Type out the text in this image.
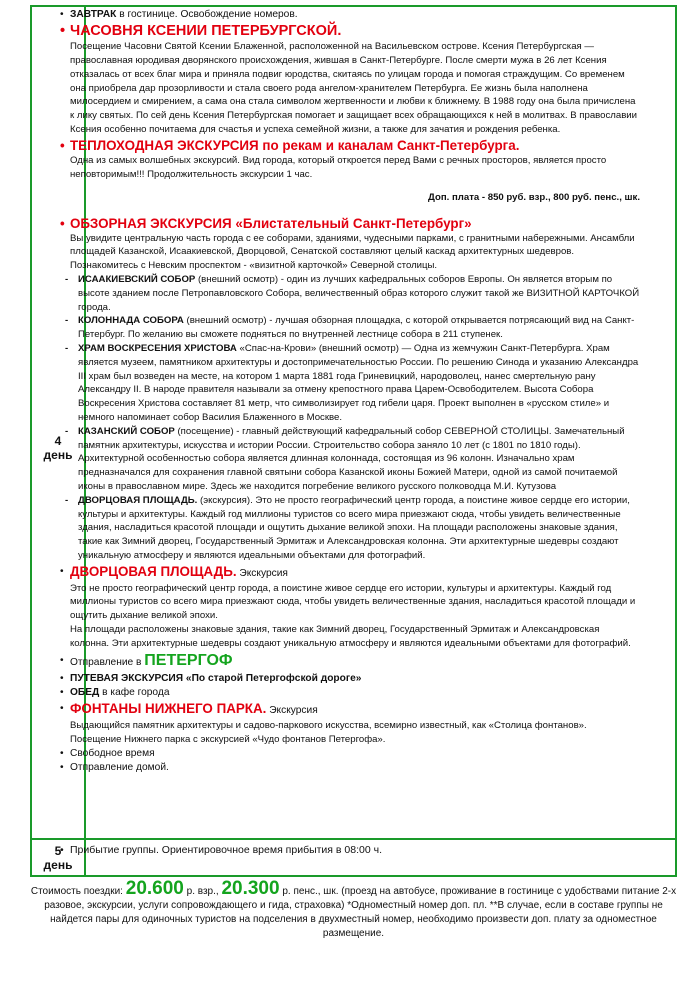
4
день
5
день

• ЗАВТРАК в гостинице. Освобождение номеров.

• ЧАСОВНЯ КСЕНИИ ПЕТЕРБУРГСКОЙ.

Посещение Часовни Святой Ксении Блаженной, расположенной на Васильевском острове. Ксения Петербургская — православная юродивая дворянского происхождения, жившая в Санкт-Петербурге. После смерти мужа в 26 лет Ксения отказалась от всех благ мира и приняла подвиг юродства, скитаясь по улицам города и помогая страждущим. Со временем она приобрела дар прозорливости и стала своего рода ангелом-хранителем Петербурга. Ее жизнь была наполнена милосердием и смирением, а сама она стала символом жертвенности и любви к ближнему. В 1988 году она была причислена к лику святых. По сей день Ксения Петербургская помогает и защищает всех обращающихся к ней в молитвах. В православии Ксения особенно почитаема для счастья и успеха семейной жизни, а также для зачатия и рождения ребенка.

• ТЕПЛОХОДНАЯ ЭКСКУРСИЯ по рекам и каналам Санкт-Петербурга.

Одна из самых волшебных экскурсий. Вид города, который откроется перед Вами с речных просторов, является просто неповторимым!!! Продолжительность экскурсии 1 час.

Доп. плата - 850 руб. взр., 800 руб. пенс., шк.

• ОБЗОРНАЯ ЭКСКУРСИЯ «Блистательный Санкт-Петербург»

Вы увидите центральную часть города с ее соборами, зданиями, чудесными парками, с гранитными набережными. Ансамбли площадей Казанской, Исаакиевской, Дворцовой, Сенатской составляют целый каскад архитектурных шедевров. Познакомитесь с Невским проспектом - «визитной карточкой» Северной столицы.

- ИСААКИЕВСКИЙ СОБОР (внешний осмотр) - один из лучших кафедральных соборов Европы. Он является вторым по высоте зданием после Петропавловского Собора, величественный образ которого служит такой же ВИЗИТНОЙ КАРТОЧКОЙ города.

- КОЛОННАДА СОБОРА (внешний осмотр) - лучшая обзорная площадка, с которой открывается потрясающий вид на Санкт-Петербург. По желанию вы сможете подняться по внутренней лестнице собора в 211 ступенек.

- ХРАМ ВОСКРЕСЕНИЯ ХРИСТОВА «Спас-на-Крови» (внешний осмотр) — Одна из жемчужин Санкт-Петербурга. Храм является музеем, памятником архитектуры и достопримечательностью России. По решению Синода и указанию Александра III храм был возведен на месте, на котором 1 марта 1881 года Гриневицкий, народоволец, нанес смертельную рану Александру II. В народе правителя называли за отмену крепостного права Царем-Освободителем. Высота Собора Воскресения Христова составляет 81 метр, что символизирует год гибели царя. Проект выполнен в «русском стиле» и немного напоминает собор Василия Блаженного в Москве.

- КАЗАНСКИЙ СОБОР (посещение) - главный действующий кафедральный собор СЕВЕРНОЙ СТОЛИЦЫ. Замечательный памятник архитектуры, искусства и истории России. Строительство собора заняло 10 лет (с 1801 по 1810 годы). Архитектурной особенностью собора является длинная колоннада, состоящая из 96 колонн. Изначально храм предназначался для сохранения главной святыни собора Казанской иконы Божией Матери, одной из самой почитаемой иконы в православном мире. Здесь же находится погребение великого русского полководца М.И. Кутузова

- ДВОРЦОВАЯ ПЛОЩАДЬ. (экскурсия). Это не просто географический центр города, а поистине живое сердце его истории, культуры и архитектуры. Каждый год миллионы туристов со всего мира приезжают сюда, чтобы увидеть величественные здания, насладиться красотой площади и ощутить дыхание великой эпохи. На площади расположены знаковые здания, такие как Зимний дворец, Государственный Эрмитаж и Александровская колонна. Эти архитектурные шедевры создают уникальную атмосферу и являются идеальными объектами для фотографий.

• ДВОРЦОВАЯ ПЛОЩАДЬ. Экскурсия

Это не просто географический центр города, а поистине живое сердце его истории, культуры и архитектуры. Каждый год миллионы туристов со всего мира приезжают сюда, чтобы увидеть величественные здания, насладиться красотой площади и ощутить дыхание великой эпохи.

На площади расположены знаковые здания, такие как Зимний дворец, Государственный Эрмитаж и Александровская колонна. Эти архитектурные шедевры создают уникальную атмосферу и являются идеальными объектами для фотографий.

• Отправление в ПЕТЕРГОФ

• ПУТЕВАЯ ЭКСКУРСИЯ «По старой Петергофской дороге»

• ОБЕД в кафе города

• ФОНТАНЫ НИЖНЕГО ПАРКА. Экскурсия

Выдающийся памятник архитектуры и садово-паркового искусства, всемирно известный, как «Столица фонтанов». Посещение Нижнего парка с экскурсией «Чудо фонтанов Петергофа».

• Свободное время

• Отправление домой.

• Прибытие группы. Ориентировочное время прибытия в 08:00 ч.

Стоимость поездки: 20.600 р. взр., 20.300 р. пенс., шк. (проезд на автобусе, проживание в гостинице с удобствами питание 2-х разовое, экскурсии, услуги сопровождающего и гида, страховка) *Одноместный номер доп. пл. **В случае, если в составе группы не найдется пары для одиночных туристов на подселения в двухместный номер, необходимо произвести доп. плату за одноместное размещение.
